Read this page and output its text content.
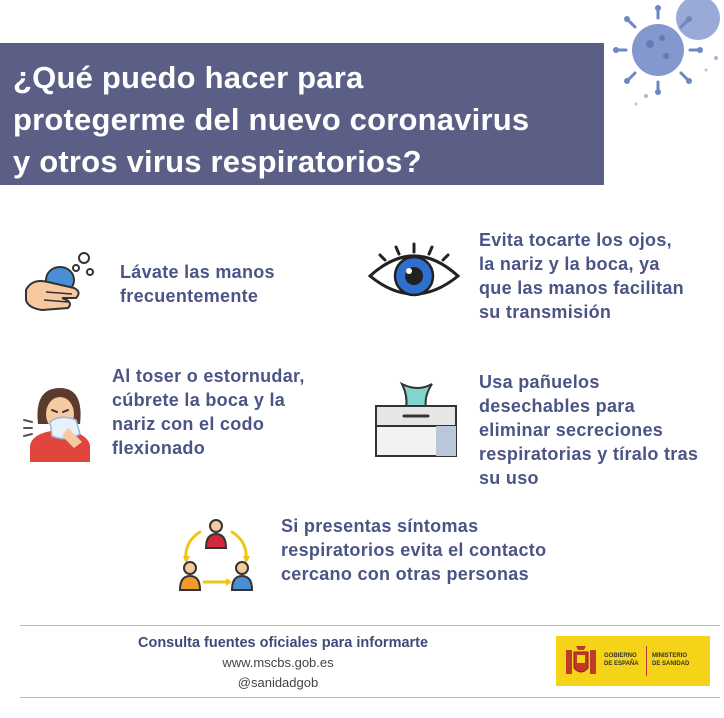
¿Qué puedo hacer para
protegerme del nuevo coronavirus
y otros virus respiratorios?
Lávate las manos
frecuentemente
Evita tocarte los ojos,
la nariz y la boca, ya
que las manos facilitan
su transmisión
Al toser o estornudar,
cúbrete la boca y la
nariz con el codo
flexionado
Usa pañuelos
desechables para
eliminar secreciones
respiratorias y tíralo tras
su uso
Si presentas síntomas
respiratorios evita el contacto
cercano con otras personas
Consulta fuentes oficiales para informarte
www.mscbs.gob.es
@sanidadgob
GOBIERNO
DE ESPAÑA
MINISTERIO
DE SANIDAD
